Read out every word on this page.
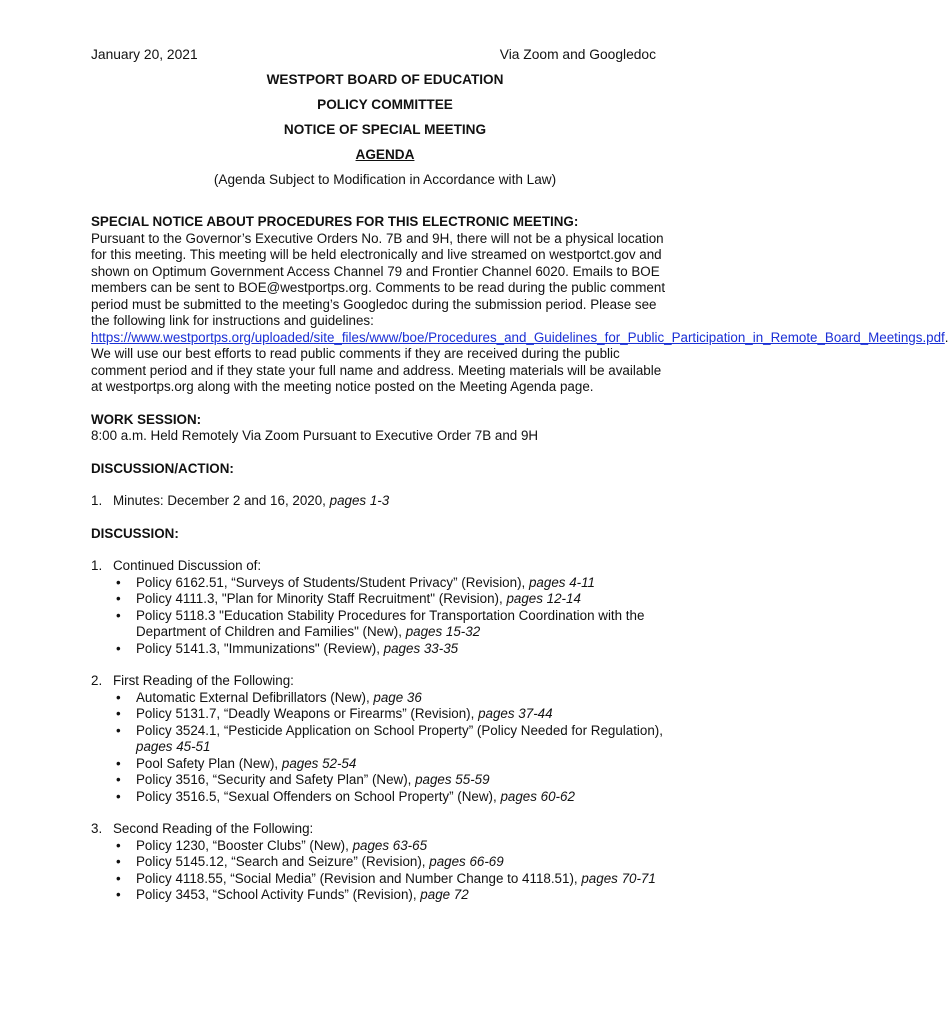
January 20, 2021	Via Zoom and Googledoc
WESTPORT BOARD OF EDUCATION
POLICY COMMITTEE
NOTICE OF SPECIAL MEETING
AGENDA
(Agenda Subject to Modification in Accordance with Law)
SPECIAL NOTICE ABOUT PROCEDURES FOR THIS ELECTRONIC MEETING:

Pursuant to the Governor’s Executive Orders No. 7B and 9H, there will not be a physical location for this meeting. This meeting will be held electronically and live streamed on westportct.gov and shown on Optimum Government Access Channel 79 and Frontier Channel 6020. Emails to BOE members can be sent to BOE@westportps.org. Comments to be read during the public comment period must be submitted to the meeting’s Googledoc during the submission period. Please see the following link for instructions and guidelines: https://www.westportps.org/uploaded/site_files/www/boe/Procedures_and_Guidelines_for_Public_Participation_in_Remote_Board_Meetings.pdf. We will use our best efforts to read public comments if they are received during the public comment period and if they state your full name and address. Meeting materials will be available at westportps.org along with the meeting notice posted on the Meeting Agenda page.

WORK SESSION:
8:00 a.m. Held Remotely Via Zoom Pursuant to Executive Order 7B and 9H
DISCUSSION/ACTION:
1. Minutes: December 2 and 16, 2020, pages 1-3
DISCUSSION:
1. Continued Discussion of:
• Policy 6162.51, “Surveys of Students/Student Privacy” (Revision), pages 4-11
• Policy 4111.3, "Plan for Minority Staff Recruitment" (Revision), pages 12-14
• Policy 5118.3 "Education Stability Procedures for Transportation Coordination with the Department of Children and Families" (New), pages 15-32
• Policy 5141.3, "Immunizations" (Review), pages 33-35
2. First Reading of the Following:
• Automatic External Defibrillators (New), page 36
• Policy 5131.7, “Deadly Weapons or Firearms” (Revision), pages 37-44
• Policy 3524.1, “Pesticide Application on School Property” (Policy Needed for Regulation), pages 45-51
• Pool Safety Plan (New), pages 52-54
• Policy 3516, “Security and Safety Plan” (New), pages 55-59
• Policy 3516.5, “Sexual Offenders on School Property” (New), pages 60-62
3. Second Reading of the Following:
• Policy 1230, “Booster Clubs” (New), pages 63-65
• Policy 5145.12, “Search and Seizure” (Revision), pages 66-69
• Policy 4118.55, “Social Media” (Revision and Number Change to 4118.51), pages 70-71
• Policy 3453, “School Activity Funds” (Revision), page 72
